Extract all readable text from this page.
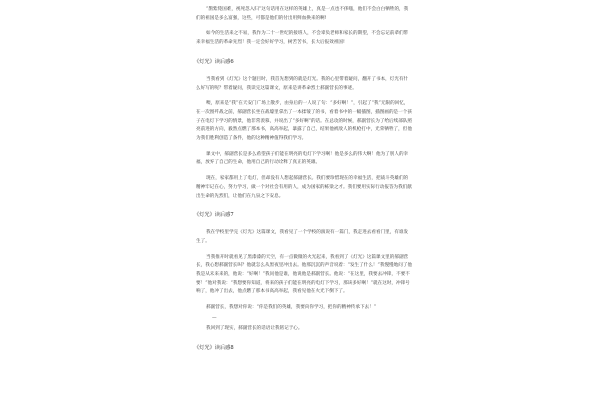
“鹊紫毙国难，视死忽入归”这句话用在这样的英雄上，真是一点也不侈嗤，他们不会白白牺牲的，我们的祖国是多么富强，这些，可都是他们的付出用鲜血换来的啊!

如今的生活来之不易，我作为二十一世纪的接班人，不会辜负老师和家长的期望，不会忘记前辈们带来幸福生活的革命先烈！我一定会好好学习，树苦苦书，长大后报效祖国!

《灯光》读后感6

当我看到《灯光》这个题目时，我首先想到的就是灯光。我的心里带着疑问，翻开了书本，灯光有什么好写的呢？带着疑问，我读完这篇课文，原来是讲革命烈士郝副营长的事迹。

噢，原来是“我”在天安门广场上散步，由身后的一人说了句：“多好啊！”，引起了“我”无限的回忆，在一次围歼战之前，郝副营长坐在战壕里拿出了一本揉皱了的书，看着书中的一幅插图，插图画的是一个孩子在电灯下学习的情景，他非常羡慕，并说出了“多好啊”的话。在总攻的时候，郝副营长为了给后续部队照亮前进的方向，毅然点燃了那本书，高高举起，暴露了自己，结果他被敌人的机枪打中，光荣牺牲了，但他为我们胜利创造了条件，他的这种精神值得我们学习。

课文中，郝副营长是多么希望孩子们能在明亮的电灯下学习啊！他是多么的伟大啊！他为了别人的幸福，放弃了自己的生命，他用自己的行动诠释了真正的英雄。

现在，家家都用上了电灯，但却没有人想起郝副营长。我们要珍惜现在的幸福生活，把战斗英雄们的精神牢记在心，努力学习，做一个对社会有用的人，成为国家的栋梁之才。我们要用实际行动报答为我们献出生命的先烈们，让他们在九泉之下安息。

《灯光》读后感7

我在学校里学完《灯光》这篇课文，我看见了一个学校的演说有一篇门，我走进去看看门里，有谁发生了。

当我推开时就看见了黑漆漆的天空，有一点微微的火光起来，我看到了《灯光》这篇课文里的郝副营长，我心想郝副营长叫？他就怎么从黑夜里冲出去。他那沉沉的声音说着：“发生了什么！”我慢慢地问了他我是从未来来的，他说：“好啊！”我问他是谁，他说他是郝副营长。他说：“在这里，我要去冲锋，不要不要！”他对我说：“我想要你知道，将来的孩子们能在明亮的电灯下学习，那该多好啊！”就在这时，冲锋号响了，他冲了出去，他点燃了那本书高高举起，我看见他在火光下倒下了。

郝副营长，我想对你说：“你是我们的英雄，我要向你学习，把你的精神传承下去！”

—

我回到了现实，郝副营长的话语让我铭记于心。

《灯光》读后感8
